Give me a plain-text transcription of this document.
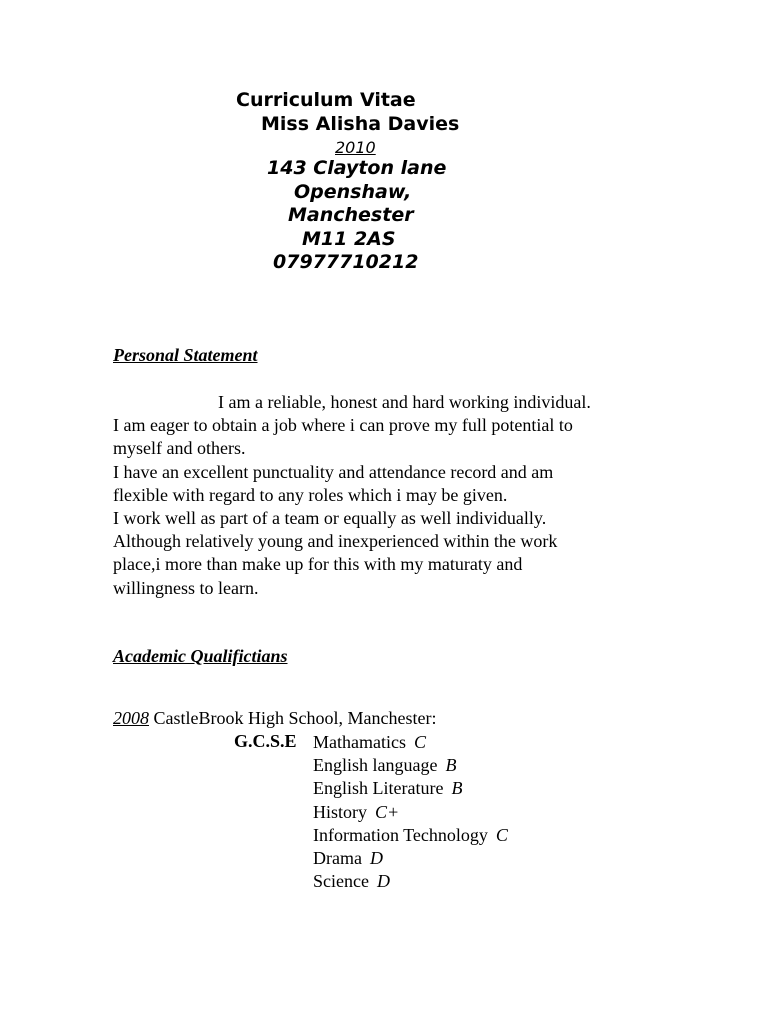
Curriculum Vitae
Miss Alisha Davies
2010
143 Clayton lane
Openshaw,
Manchester
M11 2AS
07977710212
Personal Statement
I am a reliable, honest and hard working individual.
I am eager to obtain a job where i can prove my full potential to
myself and others.
I have an excellent punctuality and attendance record and am
flexible with regard to any roles which i may be given.
I work well as part of a team or equally as well individually.
Although relatively young and inexperienced within the work
place,i more than make up for this with my maturaty and
willingness to learn.
Academic Qualifictians
2008 CastleBrook High School, Manchester:
G.C.S.E Mathamatics C
English language B
English Literature B
History C+
Information Technology C
Drama D
Science D
